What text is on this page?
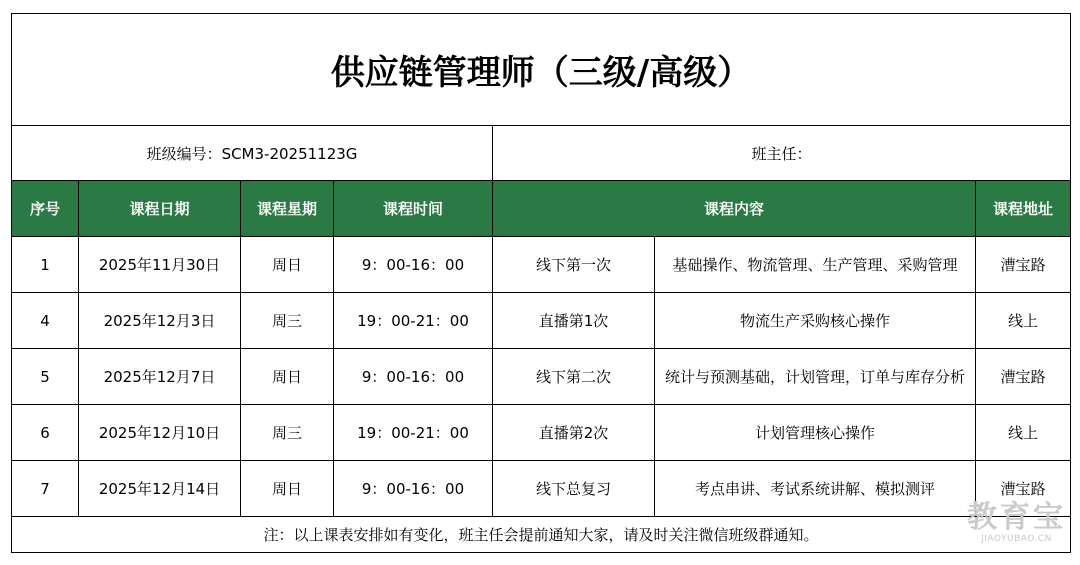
供应链管理师（三级/高级）						
班级编号：SCM3-20251123G				班主任：		
序号	课程日期	课程星期	课程时间	课程内容		课程地址
1	2025年11月30日	周日	9：00-16：00	线下第一次	基础操作、物流管理、生产管理、采购管理	漕宝路
4	2025年12月3日	周三	19：00-21：00	直播第1次	物流生产采购核心操作	线上
5	2025年12月7日	周日	9：00-16：00	线下第二次	统计与预测基础，计划管理，订单与库存分析	漕宝路
6	2025年12月10日	周三	19：00-21：00	直播第2次	计划管理核心操作	线上
7	2025年12月14日	周日	9：00-16：00	线下总复习	考点串讲、考试系统讲解、模拟测评	漕宝路
注：以上课表安排如有变化，班主任会提前通知大家，请及时关注微信班级群通知。							教育宝
JIAOYUBAO.CN
